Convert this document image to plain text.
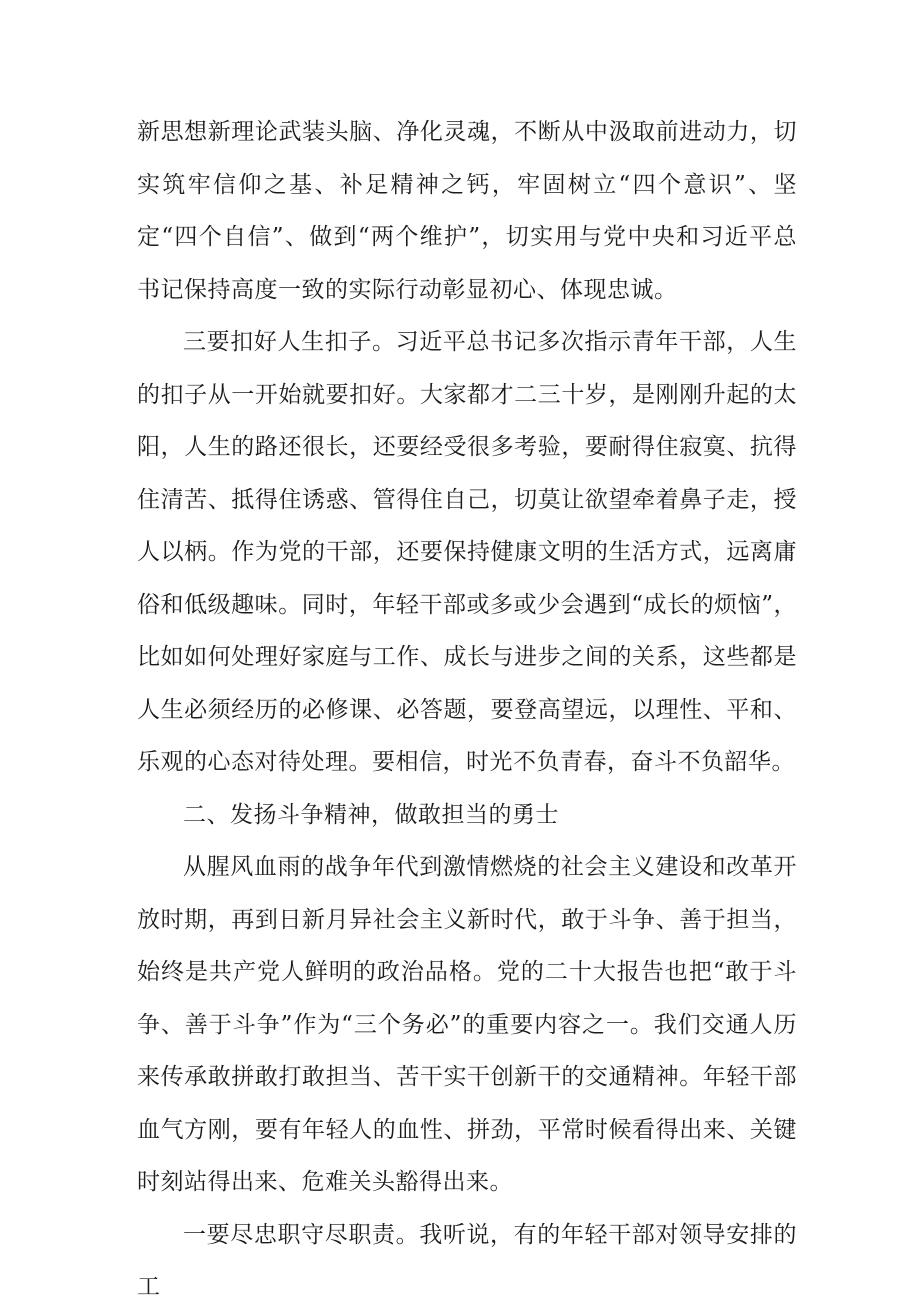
新思想新理论武装头脑、净化灵魂，不断从中汲取前进动力，切实筑牢信仰之基、补足精神之钙，牢固树立“四个意识”、坚定“四个自信”、做到“两个维护”，切实用与党中央和习近平总书记保持高度一致的实际行动彰显初心、体现忠诚。

三要扣好人生扣子。习近平总书记多次指示青年干部，人生的扣子从一开始就要扣好。大家都才二三十岁，是刚刚升起的太阳，人生的路还很长，还要经受很多考验，要耐得住寂寞、抗得住清苦、抵得住诱惑、管得住自己，切莫让欲望牵着鼻子走，授人以柄。作为党的干部，还要保持健康文明的生活方式，远离庸俗和低级趣味。同时，年轻干部或多或少会遇到“成长的烦恼”，比如如何处理好家庭与工作、成长与进步之间的关系，这些都是人生必须经历的必修课、必答题，要登高望远，以理性、平和、乐观的心态对待处理。要相信，时光不负青春，奋斗不负韶华。

二、发扬斗争精神，做敢担当的勇士

从腥风血雨的战争年代到激情燃烧的社会主义建设和改革开放时期，再到日新月异社会主义新时代，敢于斗争、善于担当，始终是共产党人鲜明的政治品格。党的二十大报告也把“敢于斗争、善于斗争”作为“三个务必”的重要内容之一。我们交通人历来传承敢拼敢打敢担当、苦干实干创新干的交通精神。年轻干部血气方刚，要有年轻人的血性、拼劲，平常时候看得出来、关键时刻站得出来、危难关头豁得出来。

一要尽忠职守尽职责。我听说，有的年轻干部对领导安排的工
